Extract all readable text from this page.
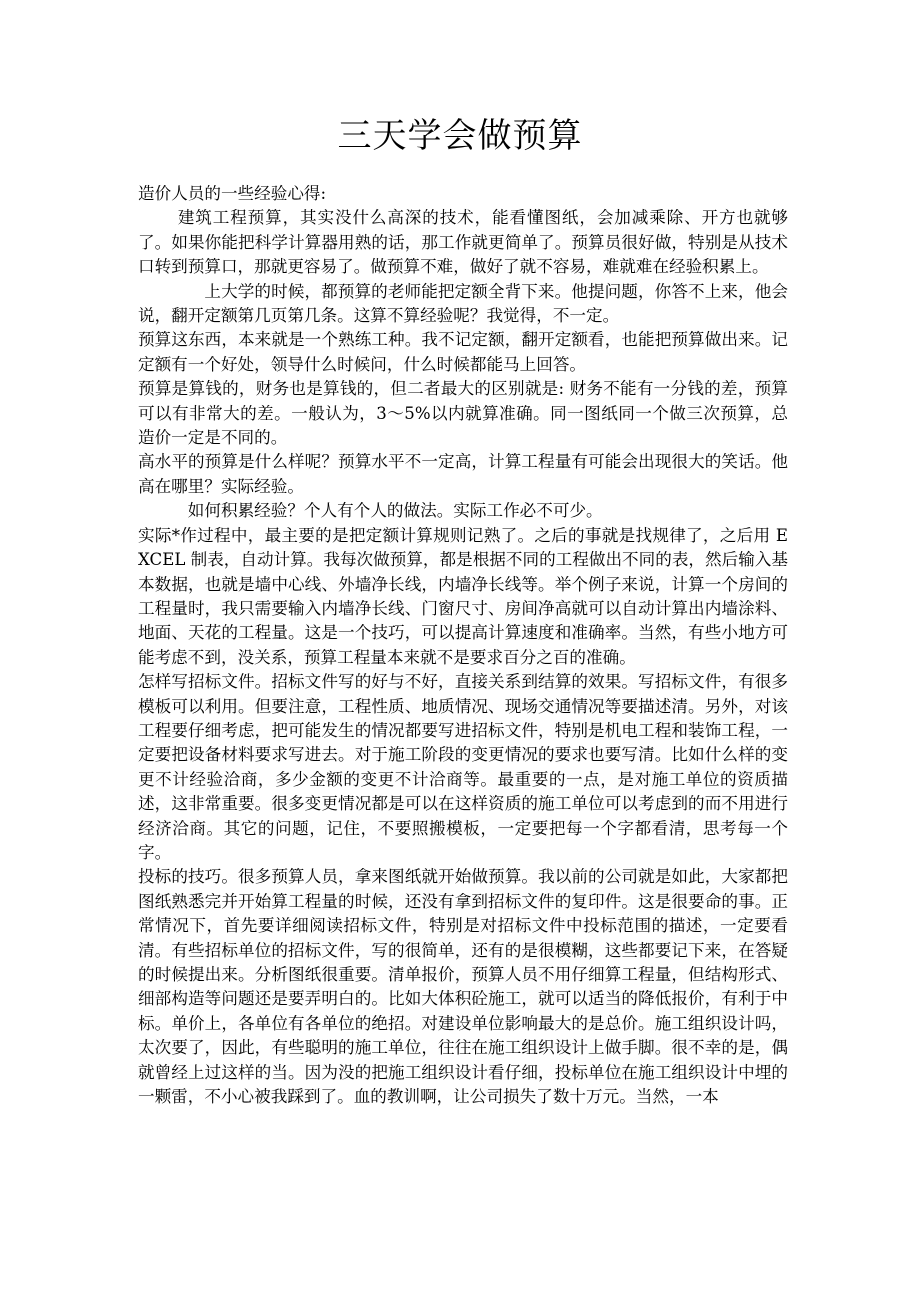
三天学会做预算

造价人员的一些经验心得:

建筑工程预算，其实没什么高深的技术，能看懂图纸，会加减乘除、开方也就够了。如果你能把科学计算器用熟的话，那工作就更简单了。预算员很好做，特别是从技术口转到预算口，那就更容易了。做预算不难，做好了就不容易，难就难在经验积累上。

上大学的时候，都预算的老师能把定额全背下来。他提问题，你答不上来，他会说，翻开定额第几页第几条。这算不算经验呢？我觉得，不一定。

预算这东西，本来就是一个熟练工种。我不记定额，翻开定额看，也能把预算做出来。记定额有一个好处，领导什么时候问，什么时候都能马上回答。

预算是算钱的，财务也是算钱的，但二者最大的区别就是: 财务不能有一分钱的差，预算可以有非常大的差。一般认为，3～5%以内就算准确。同一图纸同一个做三次预算，总造价一定是不同的。

高水平的预算是什么样呢？预算水平不一定高，计算工程量有可能会出现很大的笑话。他高在哪里？实际经验。

如何积累经验？个人有个人的做法。实际工作必不可少。

实际*作过程中，最主要的是把定额计算规则记熟了。之后的事就是找规律了，之后用 EXCEL 制表，自动计算。我每次做预算，都是根据不同的工程做出不同的表，然后输入基本数据，也就是墙中心线、外墙净长线，内墙净长线等。举个例子来说，计算一个房间的工程量时，我只需要输入内墙净长线、门窗尺寸、房间净高就可以自动计算出内墙涂料、地面、天花的工程量。这是一个技巧，可以提高计算速度和准确率。当然，有些小地方可能考虑不到，没关系，预算工程量本来就不是要求百分之百的准确。

怎样写招标文件。招标文件写的好与不好，直接关系到结算的效果。写招标文件，有很多模板可以利用。但要注意，工程性质、地质情况、现场交通情况等要描述清。另外，对该工程要仔细考虑，把可能发生的情况都要写进招标文件，特别是机电工程和装饰工程，一定要把设备材料要求写进去。对于施工阶段的变更情况的要求也要写清。比如什么样的变更不计经验洽商，多少金额的变更不计洽商等。最重要的一点，是对施工单位的资质描述，这非常重要。很多变更情况都是可以在这样资质的施工单位可以考虑到的而不用进行经济洽商。其它的问题，记住，不要照搬模板，一定要把每一个字都看清，思考每一个字。

投标的技巧。很多预算人员，拿来图纸就开始做预算。我以前的公司就是如此，大家都把图纸熟悉完并开始算工程量的时候，还没有拿到招标文件的复印件。这是很要命的事。正常情况下，首先要详细阅读招标文件，特别是对招标文件中投标范围的描述，一定要看清。有些招标单位的招标文件，写的很简单，还有的是很模糊，这些都要记下来，在答疑的时候提出来。分析图纸很重要。清单报价，预算人员不用仔细算工程量，但结构形式、细部构造等问题还是要弄明白的。比如大体积砼施工，就可以适当的降低报价，有利于中标。单价上，各单位有各单位的绝招。对建设单位影响最大的是总价。施工组织设计吗，太次要了，因此，有些聪明的施工单位，往往在施工组织设计上做手脚。很不幸的是，偶就曾经上过这样的当。因为没的把施工组织设计看仔细，投标单位在施工组织设计中埋的一颗雷，不小心被我踩到了。血的教训啊，让公司损失了数十万元。当然，一本
